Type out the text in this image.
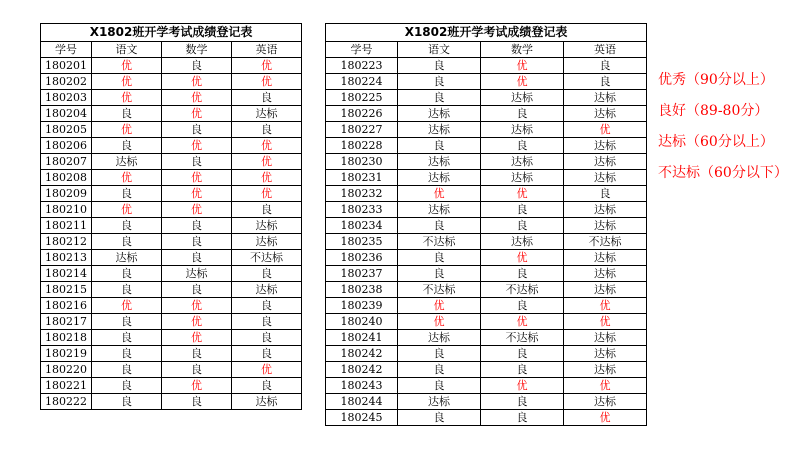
X1802班开学考试成绩登记表			
学号	语文	数学	英语
180201	优	良	优
180202	优	优	优
180203	优	优	良
180204	良	优	达标
180205	优	良	良
180206	良	优	优
180207	达标	良	优
180208	优	优	优
180209	良	优	优
180210	优	优	良
180211	良	良	达标
180212	良	良	达标
180213	达标	良	不达标
180214	良	达标	良
180215	良	良	达标
180216	优	优	良
180217	良	优	良
180218	良	优	良
180219	良	良	良
180220	良	良	优
180221	良	优	良
180222	良	良	达标
X1802班开学考试成绩登记表			
学号	语文	数学	英语
180223	良	优	良
180224	良	优	良
180225	良	达标	达标
180226	达标	良	达标
180227	达标	达标	优
180228	良	良	达标
180230	达标	达标	达标
180231	达标	达标	达标
180232	优	优	良
180233	达标	良	达标
180234	良	良	达标
180235	不达标	达标	不达标
180236	良	优	达标
180237	良	良	达标
180238	不达标	不达标	达标
180239	优	良	优
180240	优	优	优
180241	达标	不达标	达标
180242	良	良	达标
180242	良	良	达标
180243	良	优	优
180244	达标	良	达标
180245	良	良	优
优秀（90分以上）
良好（89-80分）
达标（60分以上）
不达标（60分以下）
